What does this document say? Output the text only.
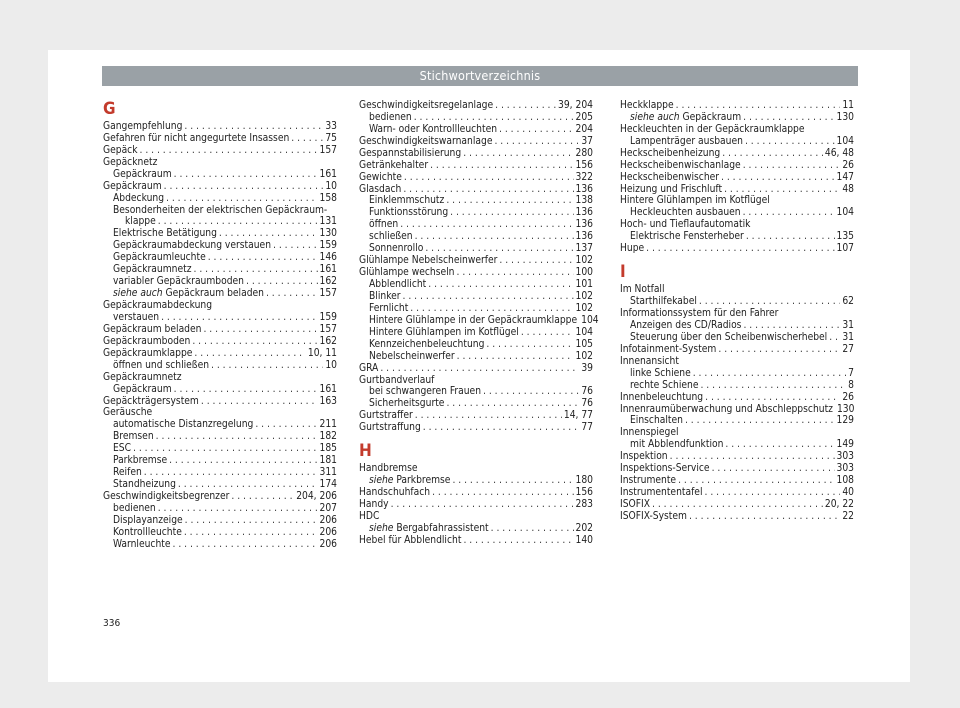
Stichwortverzeichnis
G
Gangempfehlung . . .	33
Gefahren für nicht angegurtete Insassen . . .	75
Gepäck . . .	157
Gepäcknetz
Gepäckraum . . .	161
Gepäckraum . . .	10
Abdeckung . . .	158
Besonderheiten der elektrischen Gepäckraum-
klappe . . .	131
Elektrische Betätigung . . .	130
Gepäckraumabdeckung verstauen . . .	159
Gepäckraumleuchte . . .	146
Gepäckraumnetz . . .	161
variabler Gepäckraumboden . . .	162
siehe auch Gepäckraum beladen . . .	157
Gepäckraumabdeckung
verstauen . . .	159
Gepäckraum beladen . . .	157
Gepäckraumboden . . .	162
Gepäckraumklappe . . .	10, 11
öffnen und schließen . . .	10
Gepäckraumnetz
Gepäckraum . . .	161
Gepäckträgersystem . . .	163
Geräusche
automatische Distanzregelung . . .	211
Bremsen . . .	182
ESC . . .	185
Parkbremse . . .	181
Reifen . . .	311
Standheizung . . .	174
Geschwindigkeitsbegrenzer . . .	204, 206
bedienen . . .	207
Displayanzeige . . .	206
Kontrollleuchte . . .	206
Warnleuchte . . .	206
Geschwindigkeitsregelanlage . . .	39, 204
bedienen . . .	205
Warn- oder Kontrollleuchten . . .	204
Geschwindigkeitswarnanlage . . .	37
Gespannstabilisierung . . .	280
Getränkehalter . . .	156
Gewichte . . .	322
Glasdach . . .	136
Einklemmschutz . . .	138
Funktionsstörung . . .	136
öffnen . . .	136
schließen . . .	136
Sonnenrollo . . .	137
Glühlampe Nebelscheinwerfer . . .	102
Glühlampe wechseln . . .	100
Abblendlicht . . .	101
Blinker . . .	102
Fernlicht . . .	102
Hintere Glühlampe in der Gepäckraumklappe 104
Hintere Glühlampen im Kotflügel . . .	104
Kennzeichenbeleuchtung . . .	105
Nebelscheinwerfer . . .	102
GRA . . .	39
Gurtbandverlauf
bei schwangeren Frauen . . .	76
Sicherheitsgurte . . .	76
Gurtstraffer . . .	14, 77
Gurtstraffung . . .	77
H
Handbremse
siehe Parkbremse . . .	180
Handschuhfach . . .	156
Handy . . .	283
HDC
siehe Bergabfahrassistent . . .	202
Hebel für Abblendlicht . . .	140
Heckklappe . . .	11
siehe auch Gepäckraum . . .	130
Heckleuchten in der Gepäckraumklappe
Lampenträger ausbauen . . .	104
Heckscheibenheizung . . .	46, 48
Heckscheibenwischanlage . . .	26
Heckscheibenwischer . . .	147
Heizung und Frischluft . . .	48
Hintere Glühlampen im Kotflügel
Heckleuchten ausbauen . . .	104
Hoch- und Tieflaufautomatik
Elektrische Fensterheber . . .	135
Hupe . . .	107
I
Im Notfall
Starthilfekabel . . .	62
Informationssystem für den Fahrer
Anzeigen des CD/Radios . . .	31
Steuerung über den Scheibenwischerhebel . . . 31
Infotainment-System . . .	27
Innenansicht
linke Schiene . . .	7
rechte Schiene . . .	8
Innenbeleuchtung . . .	26
Innenraumüberwachung und Abschleppschutz 130
Einschalten . . .	129
Innenspiegel
mit Abblendfunktion . . .	149
Inspektion . . .	303
Inspektions-Service . . .	303
Instrumente . . .	108
Instrumententafel . . .	40
ISOFIX . . .	20, 22
ISOFIX-System . . .	22
336
